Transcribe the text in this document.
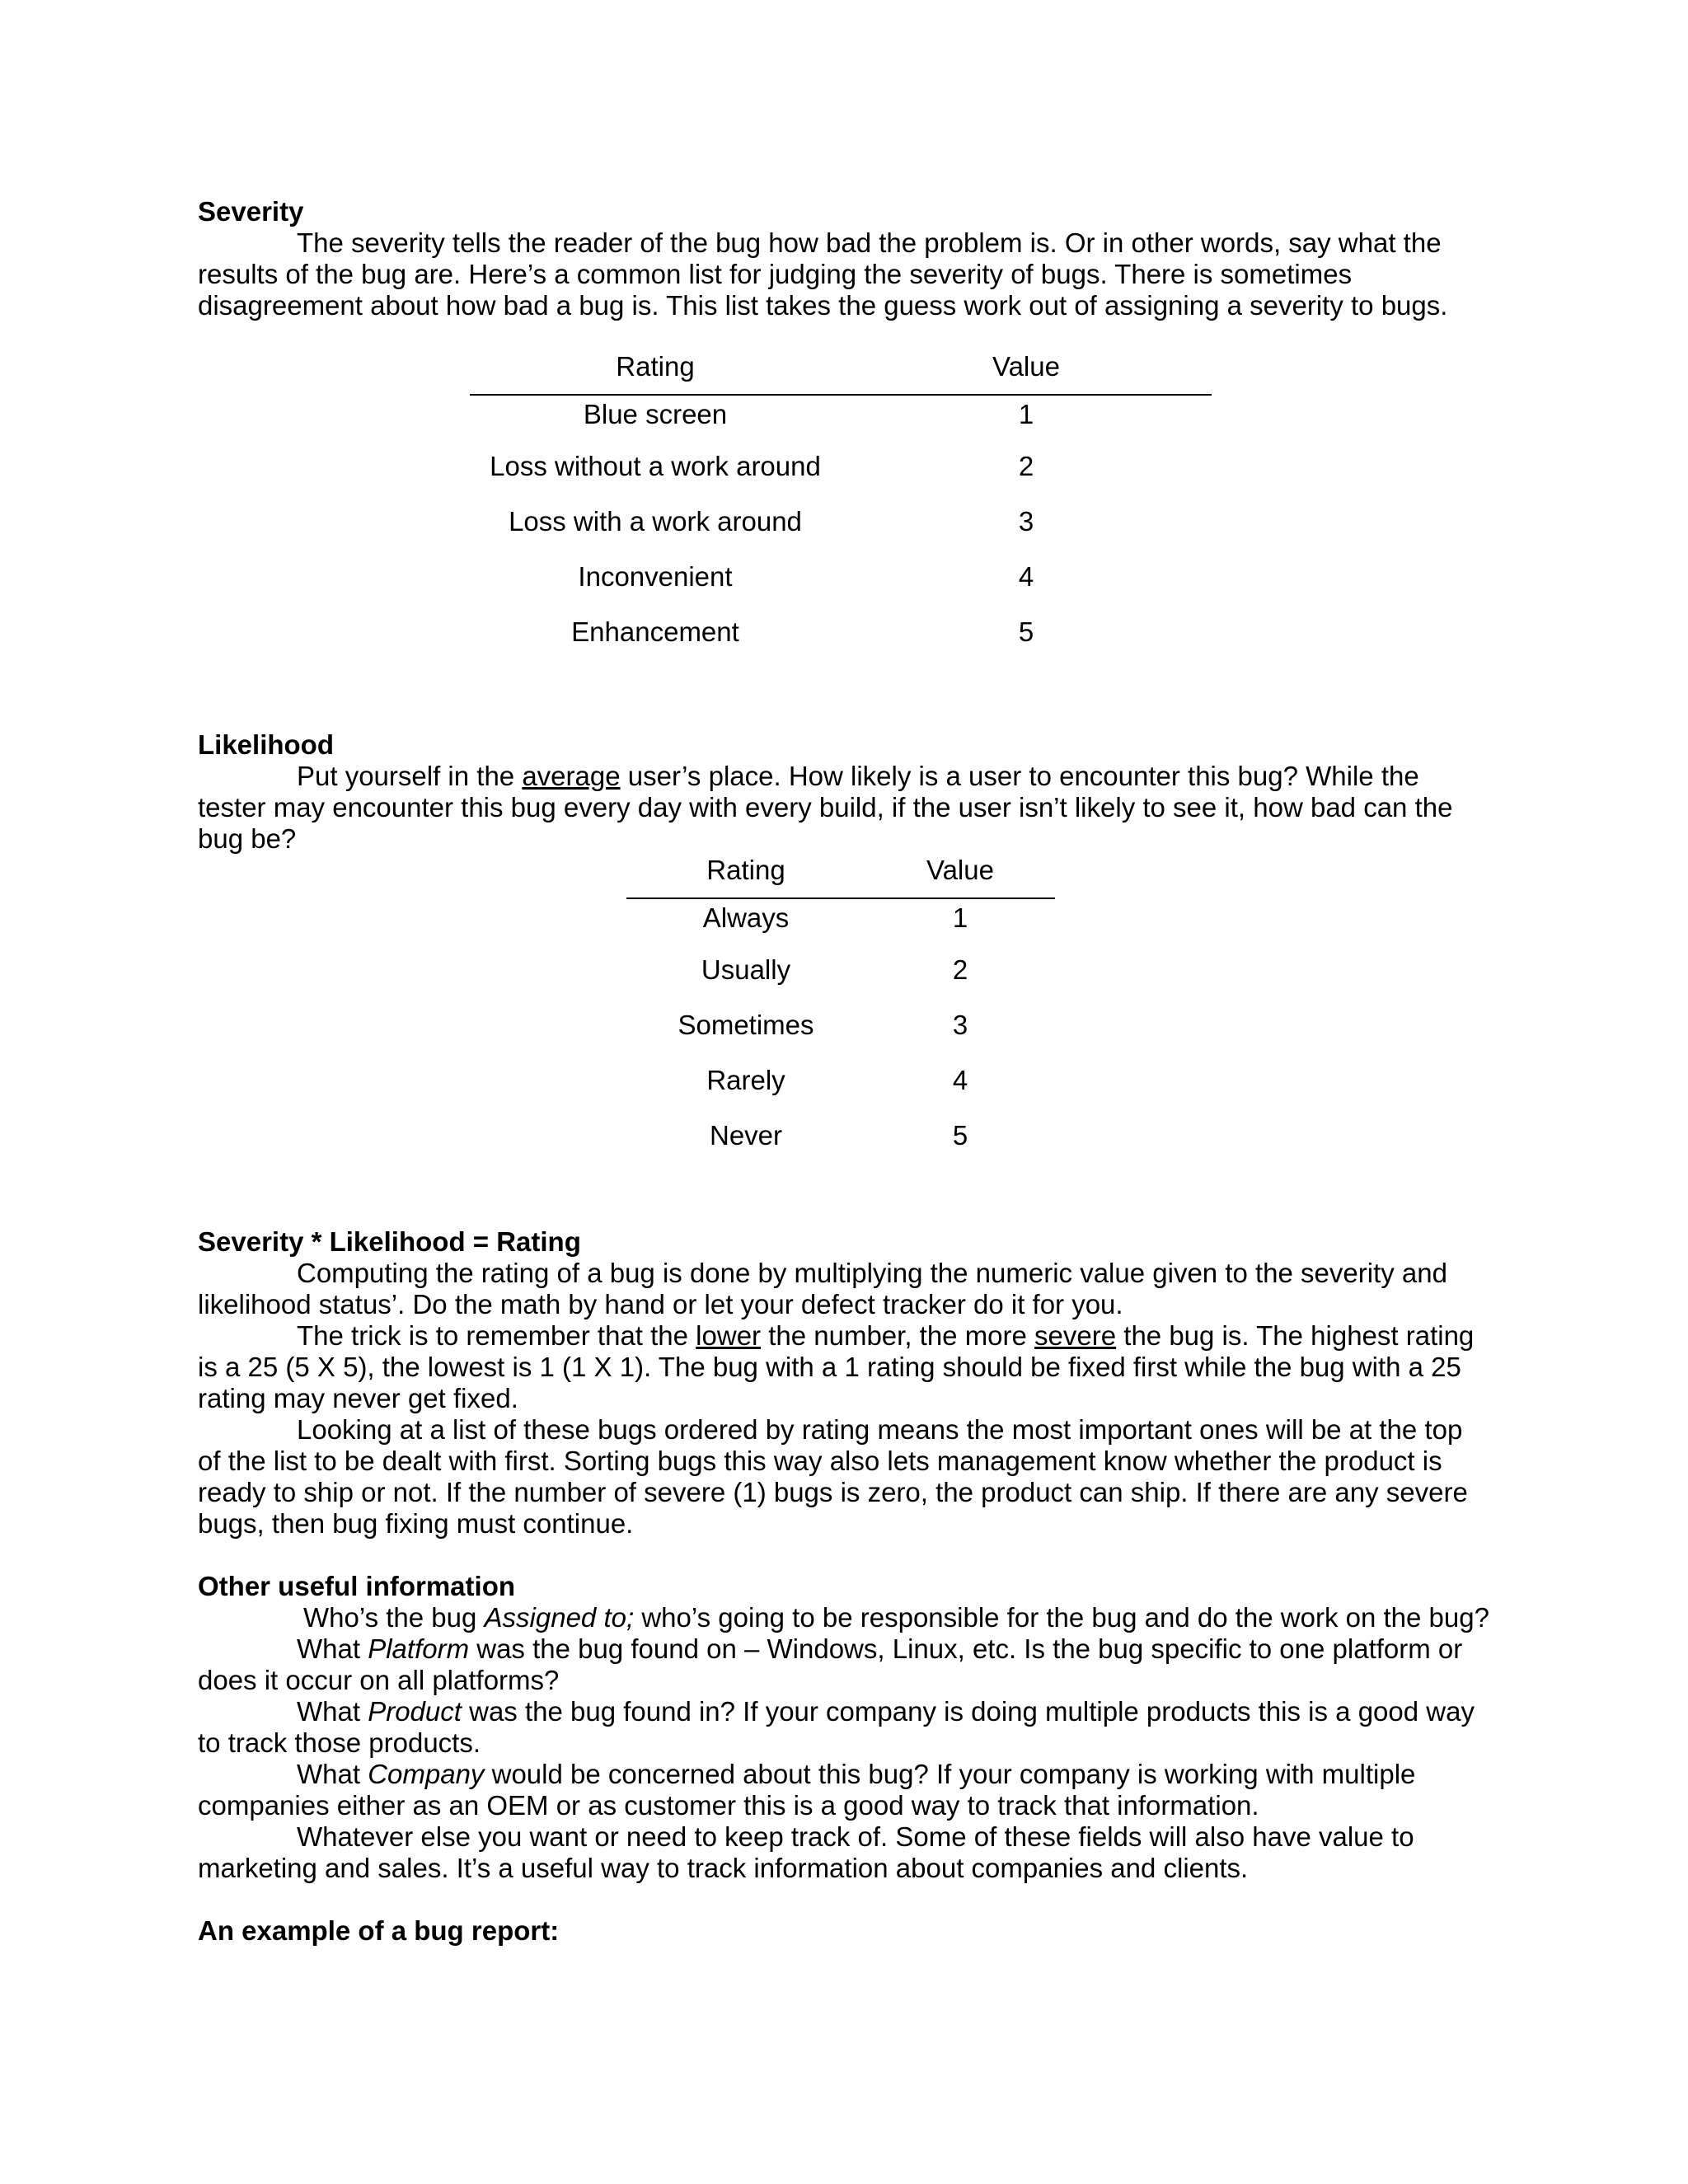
Severity

The severity tells the reader of the bug how bad the problem is. Or in other words, say what the results of the bug are. Here’s a common list for judging the severity of bugs. There is sometimes disagreement about how bad a bug is. This list takes the guess work out of assigning a severity to bugs.

Rating	Value
Blue screen	1
Loss without a work around	2
Loss with a work around	3
Inconvenient	4
Enhancement	5

Likelihood

Put yourself in the average user’s place. How likely is a user to encounter this bug? While the tester may encounter this bug every day with every build, if the user isn’t likely to see it, how bad can the bug be?

Rating	Value
Always	1
Usually	2
Sometimes	3
Rarely	4
Never	5

Severity * Likelihood = Rating

Computing the rating of a bug is done by multiplying the numeric value given to the severity and likelihood status’. Do the math by hand or let your defect tracker do it for you.

The trick is to remember that the lower the number, the more severe the bug is. The highest rating is a 25 (5 X 5), the lowest is 1 (1 X 1). The bug with a 1 rating should be fixed first while the bug with a 25 rating may never get fixed.

Looking at a list of these bugs ordered by rating means the most important ones will be at the top of the list to be dealt with first. Sorting bugs this way also lets management know whether the product is ready to ship or not. If the number of severe (1) bugs is zero, the product can ship. If there are any severe bugs, then bug fixing must continue.

Other useful information

Who’s the bug Assigned to; who’s going to be responsible for the bug and do the work on the bug?

What Platform was the bug found on – Windows, Linux, etc. Is the bug specific to one platform or does it occur on all platforms?

What Product was the bug found in? If your company is doing multiple products this is a good way to track those products.

What Company would be concerned about this bug? If your company is working with multiple companies either as an OEM or as customer this is a good way to track that information.

Whatever else you want or need to keep track of. Some of these fields will also have value to marketing and sales. It’s a useful way to track information about companies and clients.

An example of a bug report:
